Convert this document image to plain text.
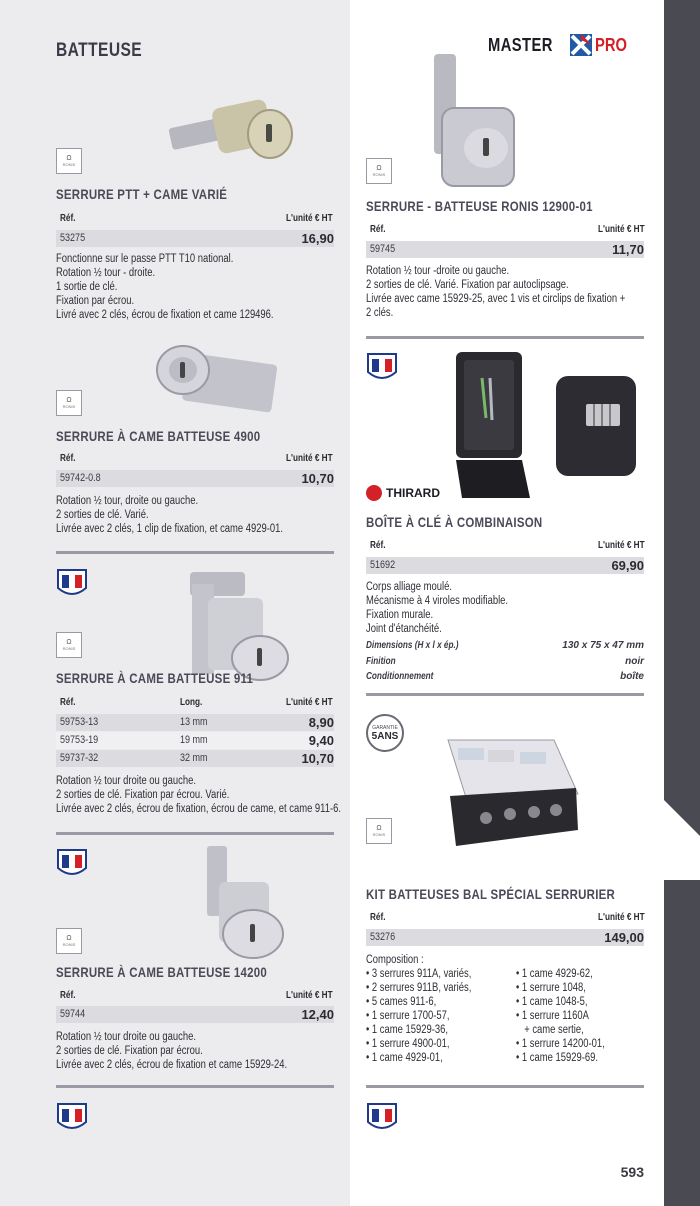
BATTEUSE	MASTER PRO
Ω
RONIS
SERRURE PTT + CAME VARIÉ
Réf.	L'unité € HT
53275	16,90
Fonctionne sur le passe PTT T10 national.
Rotation ½ tour - droite.
1 sortie de clé.
Fixation par écrou.
Livré avec 2 clés, écrou de fixation et came 129496.
Ω
RONIS
SERRURE À CAME BATTEUSE 4900
Réf.	L'unité € HT
59742-0.8	10,70
Rotation ½ tour, droite ou gauche.
2 sorties de clé. Varié.
Livrée avec 2 clés, 1 clip de fixation, et came 4929-01.
Ω
RONIS
SERRURE À CAME BATTEUSE 911
Réf.	Long.	L'unité € HT
59753-13	13 mm	8,90
59753-19	19 mm	9,40
59737-32	32 mm	10,70
Rotation ½ tour droite ou gauche.
2 sorties de clé. Fixation par écrou. Varié.
Livrée avec 2 clés, écrou de fixation, écrou de came, et came 911-6.
Ω
RONIS
SERRURE À CAME BATTEUSE 14200
Réf.	L'unité € HT
59744	12,40
Rotation ½ tour droite ou gauche.
2 sorties de clé. Fixation par écrou.
Livrée avec 2 clés, écrou de fixation et came 15929-24.
Ω
RONIS
SERRURE - BATTEUSE RONIS 12900-01
Réf.	L'unité € HT
59745	11,70
Rotation ½ tour -droite ou gauche.
2 sorties de clé. Varié. Fixation par autoclipsage.
Livrée avec came 15929-25, avec 1 vis et circlips de fixation +
2 clés.
THIRARD
BOÎTE À CLÉ À COMBINAISON
Réf.	L'unité € HT
51692	69,90
Corps alliage moulé.
Mécanisme à 4 viroles modifiable.
Fixation murale.
Joint d'étanchéité.
Dimensions (H x l x ép.)	130 x 75 x 47 mm
Finition	noir
Conditionnement	boîte
GARANTIE
5ANS
Ω
RONIS
KIT BATTEUSES BAL SPÉCIAL SERRURIER
Réf.	L'unité € HT
53276	149,00
Composition :
• 3 serrures 911A, variés,
• 2 serrures 911B, variés,
• 5 cames 911-6,
• 1 serrure 1700-57,
• 1 came 15929-36,
• 1 serrure 4900-01,
• 1 came 4929-01,
• 1 came 4929-62,
• 1 serrure 1048,
• 1 came 1048-5,
• 1 serrure 1160A
+ came sertie,
• 1 serrure 14200-01,
• 1 came 15929-69.
593
